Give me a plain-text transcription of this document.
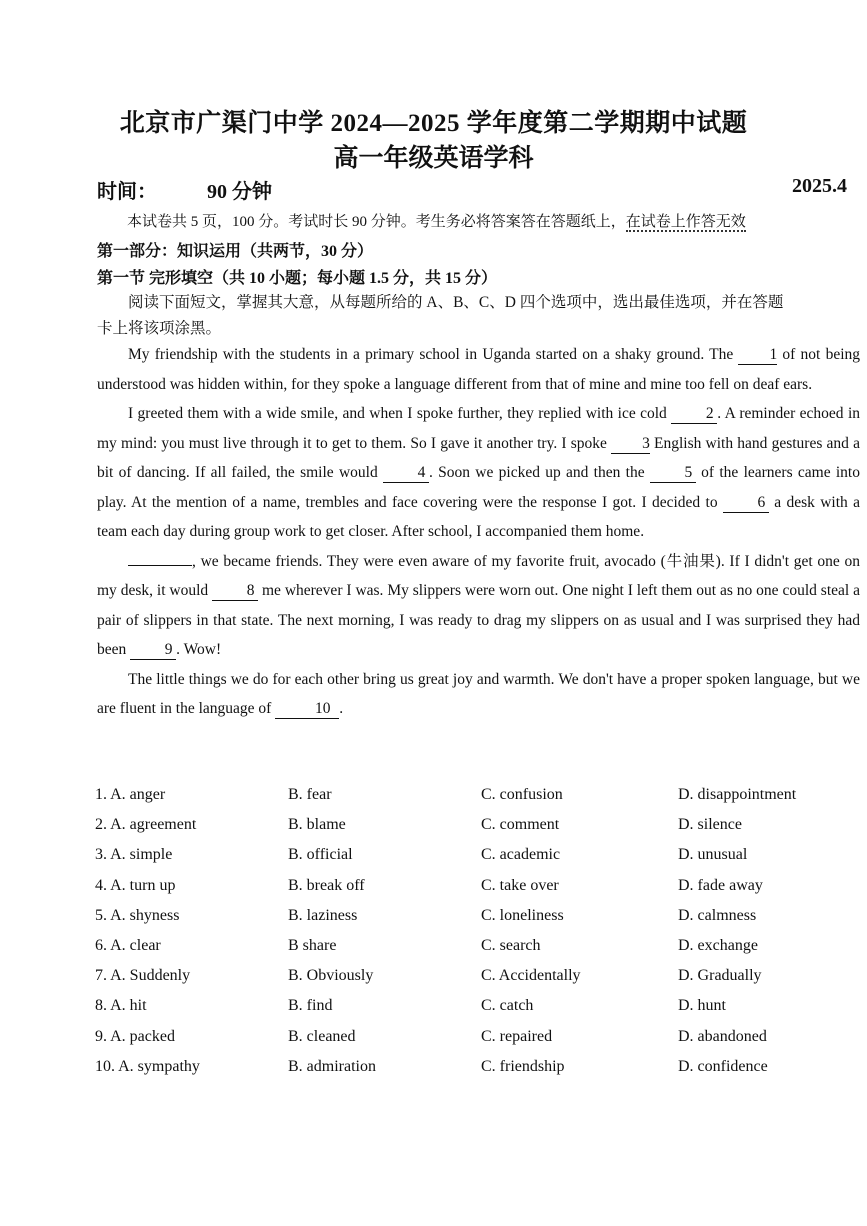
北京市广渠门中学 2024—2025 学年度第二学期期中试题
高一年级英语学科
时间：	90 分钟	2025.4
本试卷共 5 页，100 分。考试时长 90 分钟。考生务必将答案答在答题纸上，在试卷上作答无效
第一部分：知识运用（共两节，30 分）
第一节 完形填空（共 10 小题；每小题 1.5 分，共 15 分）
阅读下面短文，掌握其大意，从每题所给的 A、B、C、D 四个选项中，选出最佳选项，并在答题
卡上将该项涂黑。

My friendship with the students in a primary school in Uganda started on a shaky ground. The 1 of not being understood was hidden within, for they spoke a language different from that of mine and mine too fell on deaf ears.

I greeted them with a wide smile, and when I spoke further, they replied with ice cold 2 . A reminder echoed in my mind: you must live through it to get to them. So I gave it another try. I spoke 3 English with hand gestures and a bit of dancing. If all failed, the smile would 4 . Soon we picked up and then the 5 of the learners came into play. At the mention of a name, trembles and face covering were the response I got. I decided to 6 a desk with a team each day during group work to get closer. After school, I accompanied them home.

, we became friends. They were even aware of my favorite fruit, avocado (牛油果). If I didn't get one on my desk, it would 8 me wherever I was. My slippers were worn out. One night I left them out as no one could steal a pair of slippers in that state. The next morning, I was ready to drag my slippers on as usual and I was surprised they had been 9 . Wow!

The little things we do for each other bring us great joy and warmth. We don't have a proper spoken language, but we are fluent in the language of	10 .

1. A. anger	B. fear	C. confusion	D. disappointment
2. A. agreement	B. blame	C. comment	D. silence
3. A. simple	B. official	C. academic	D. unusual
4. A. turn up	B. break off	C. take over	D. fade away
5. A. shyness	B. laziness	C. loneliness	D. calmness
6. A. clear	B share	C. search	D. exchange
7. A. Suddenly	B. Obviously	C. Accidentally	D. Gradually
8. A. hit	B. find	C. catch	D. hunt
9. A. packed	B. cleaned	C. repaired	D. abandoned
10. A. sympathy	B. admiration	C. friendship	D. confidence
